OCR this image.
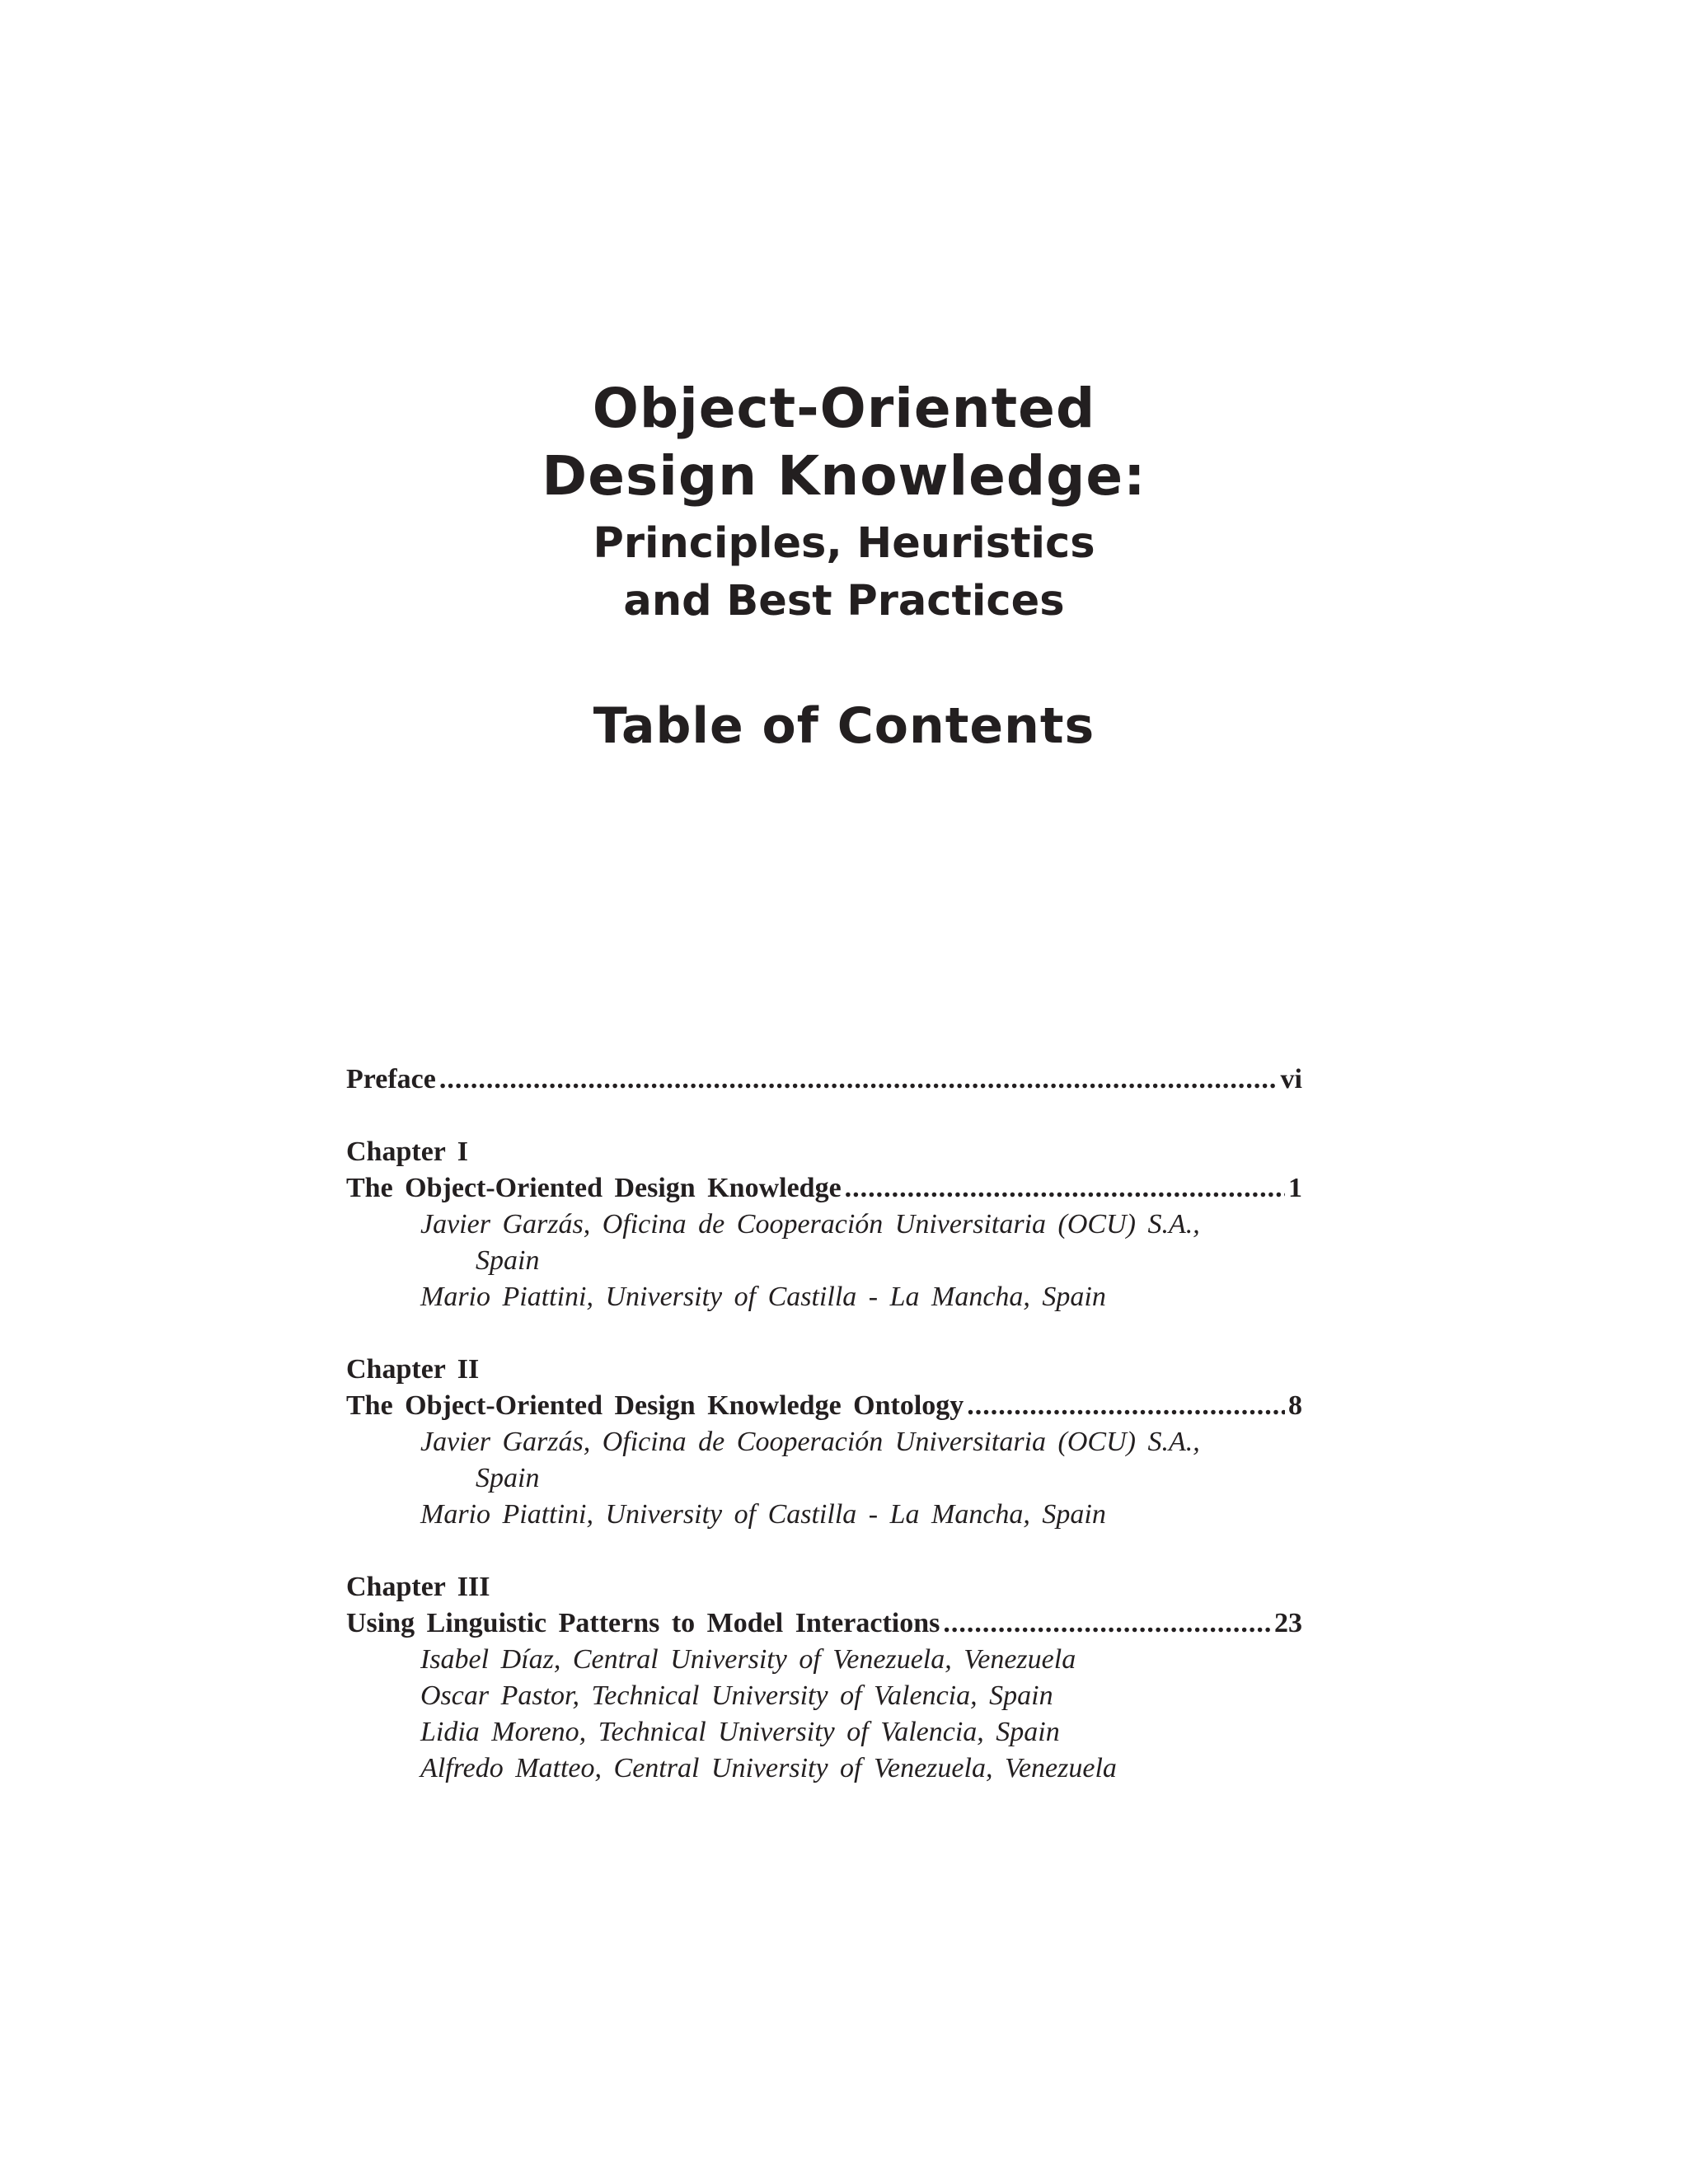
Object-Oriented

Design Knowledge:

Principles, Heuristics

and Best Practices

Table of Contents
Preface .....	vi
Chapter I
The Object-Oriented Design Knowledge .....	1
Javier Garzás, Oficina de Cooperación Universitaria (OCU) S.A.,
Spain
Mario Piattini, University of Castilla - La Mancha, Spain
Chapter II
The Object-Oriented Design Knowledge Ontology .....	8
Javier Garzás, Oficina de Cooperación Universitaria (OCU) S.A.,
Spain
Mario Piattini, University of Castilla - La Mancha, Spain
Chapter III
Using Linguistic Patterns to Model Interactions .....	23
Isabel Díaz, Central University of Venezuela, Venezuela
Oscar Pastor, Technical University of Valencia, Spain
Lidia Moreno, Technical University of Valencia, Spain
Alfredo Matteo, Central University of Venezuela, Venezuela
